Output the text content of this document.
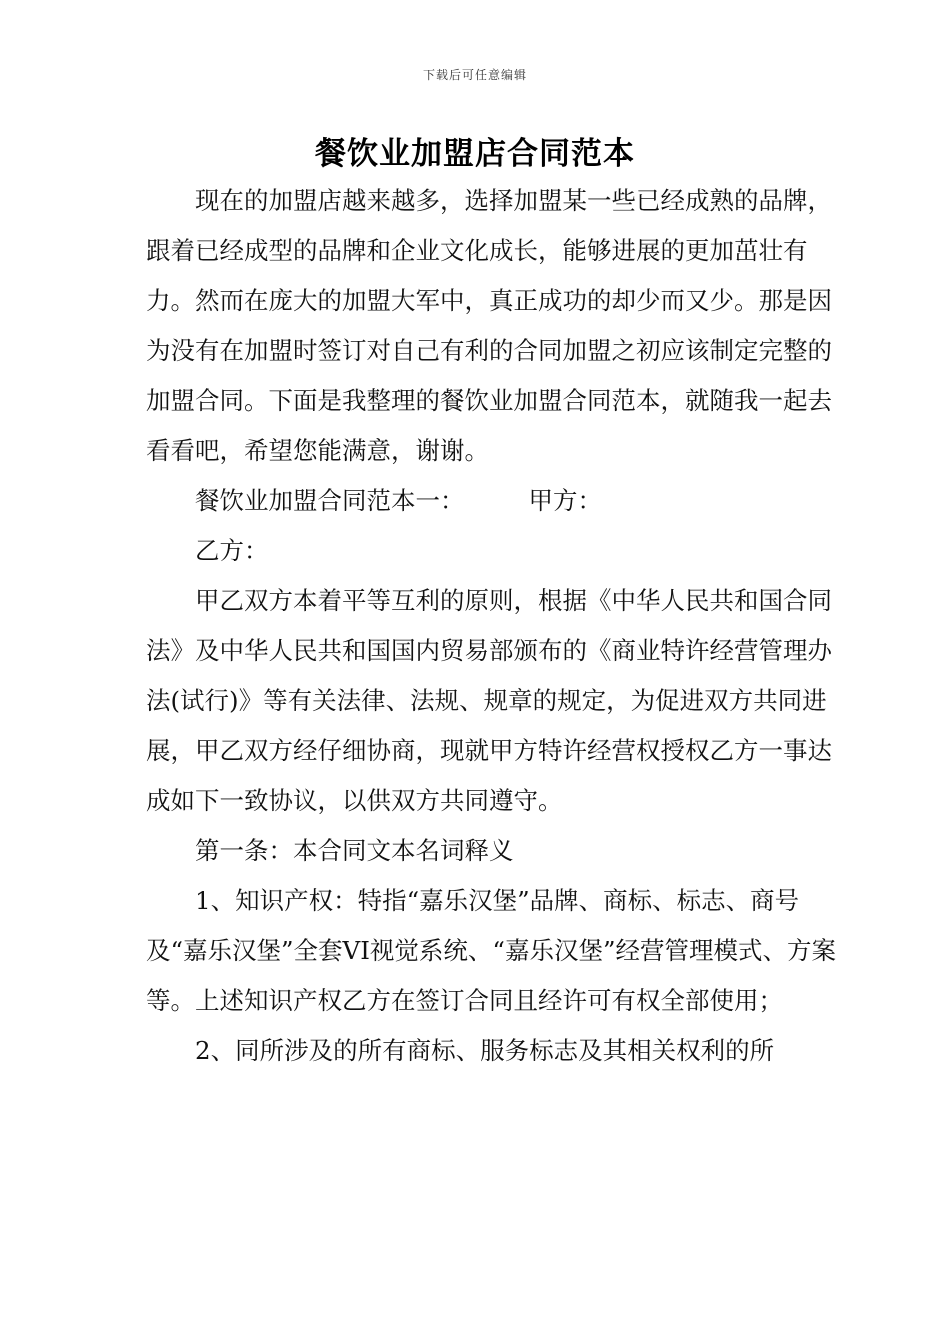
下载后可任意编辑
餐饮业加盟店合同范本

现在的加盟店越来越多，选择加盟某一些已经成熟的品牌，跟着已经成型的品牌和企业文化成长，能够进展的更加茁壮有力。然而在庞大的加盟大军中，真正成功的却少而又少。那是因为没有在加盟时签订对自己有利的合同加盟之初应该制定完整的加盟合同。下面是我整理的餐饮业加盟合同范本，就随我一起去看看吧，希望您能满意，谢谢。

餐饮业加盟合同范本一：	甲方：

乙方：

甲乙双方本着平等互利的原则，根据《中华人民共和国合同法》及中华人民共和国国内贸易部颁布的《商业特许经营管理办法(试行)》等有关法律、法规、规章的规定，为促进双方共同进展，甲乙双方经仔细协商，现就甲方特许经营权授权乙方一事达成如下一致协议，以供双方共同遵守。

第一条：本合同文本名词释义

1、知识产权：特指“嘉乐汉堡”品牌、商标、标志、商号及“嘉乐汉堡”全套VI视觉系统、“嘉乐汉堡”经营管理模式、方案等。上述知识产权乙方在签订合同且经许可有权全部使用；

2、同所涉及的所有商标、服务标志及其相关权利的所
